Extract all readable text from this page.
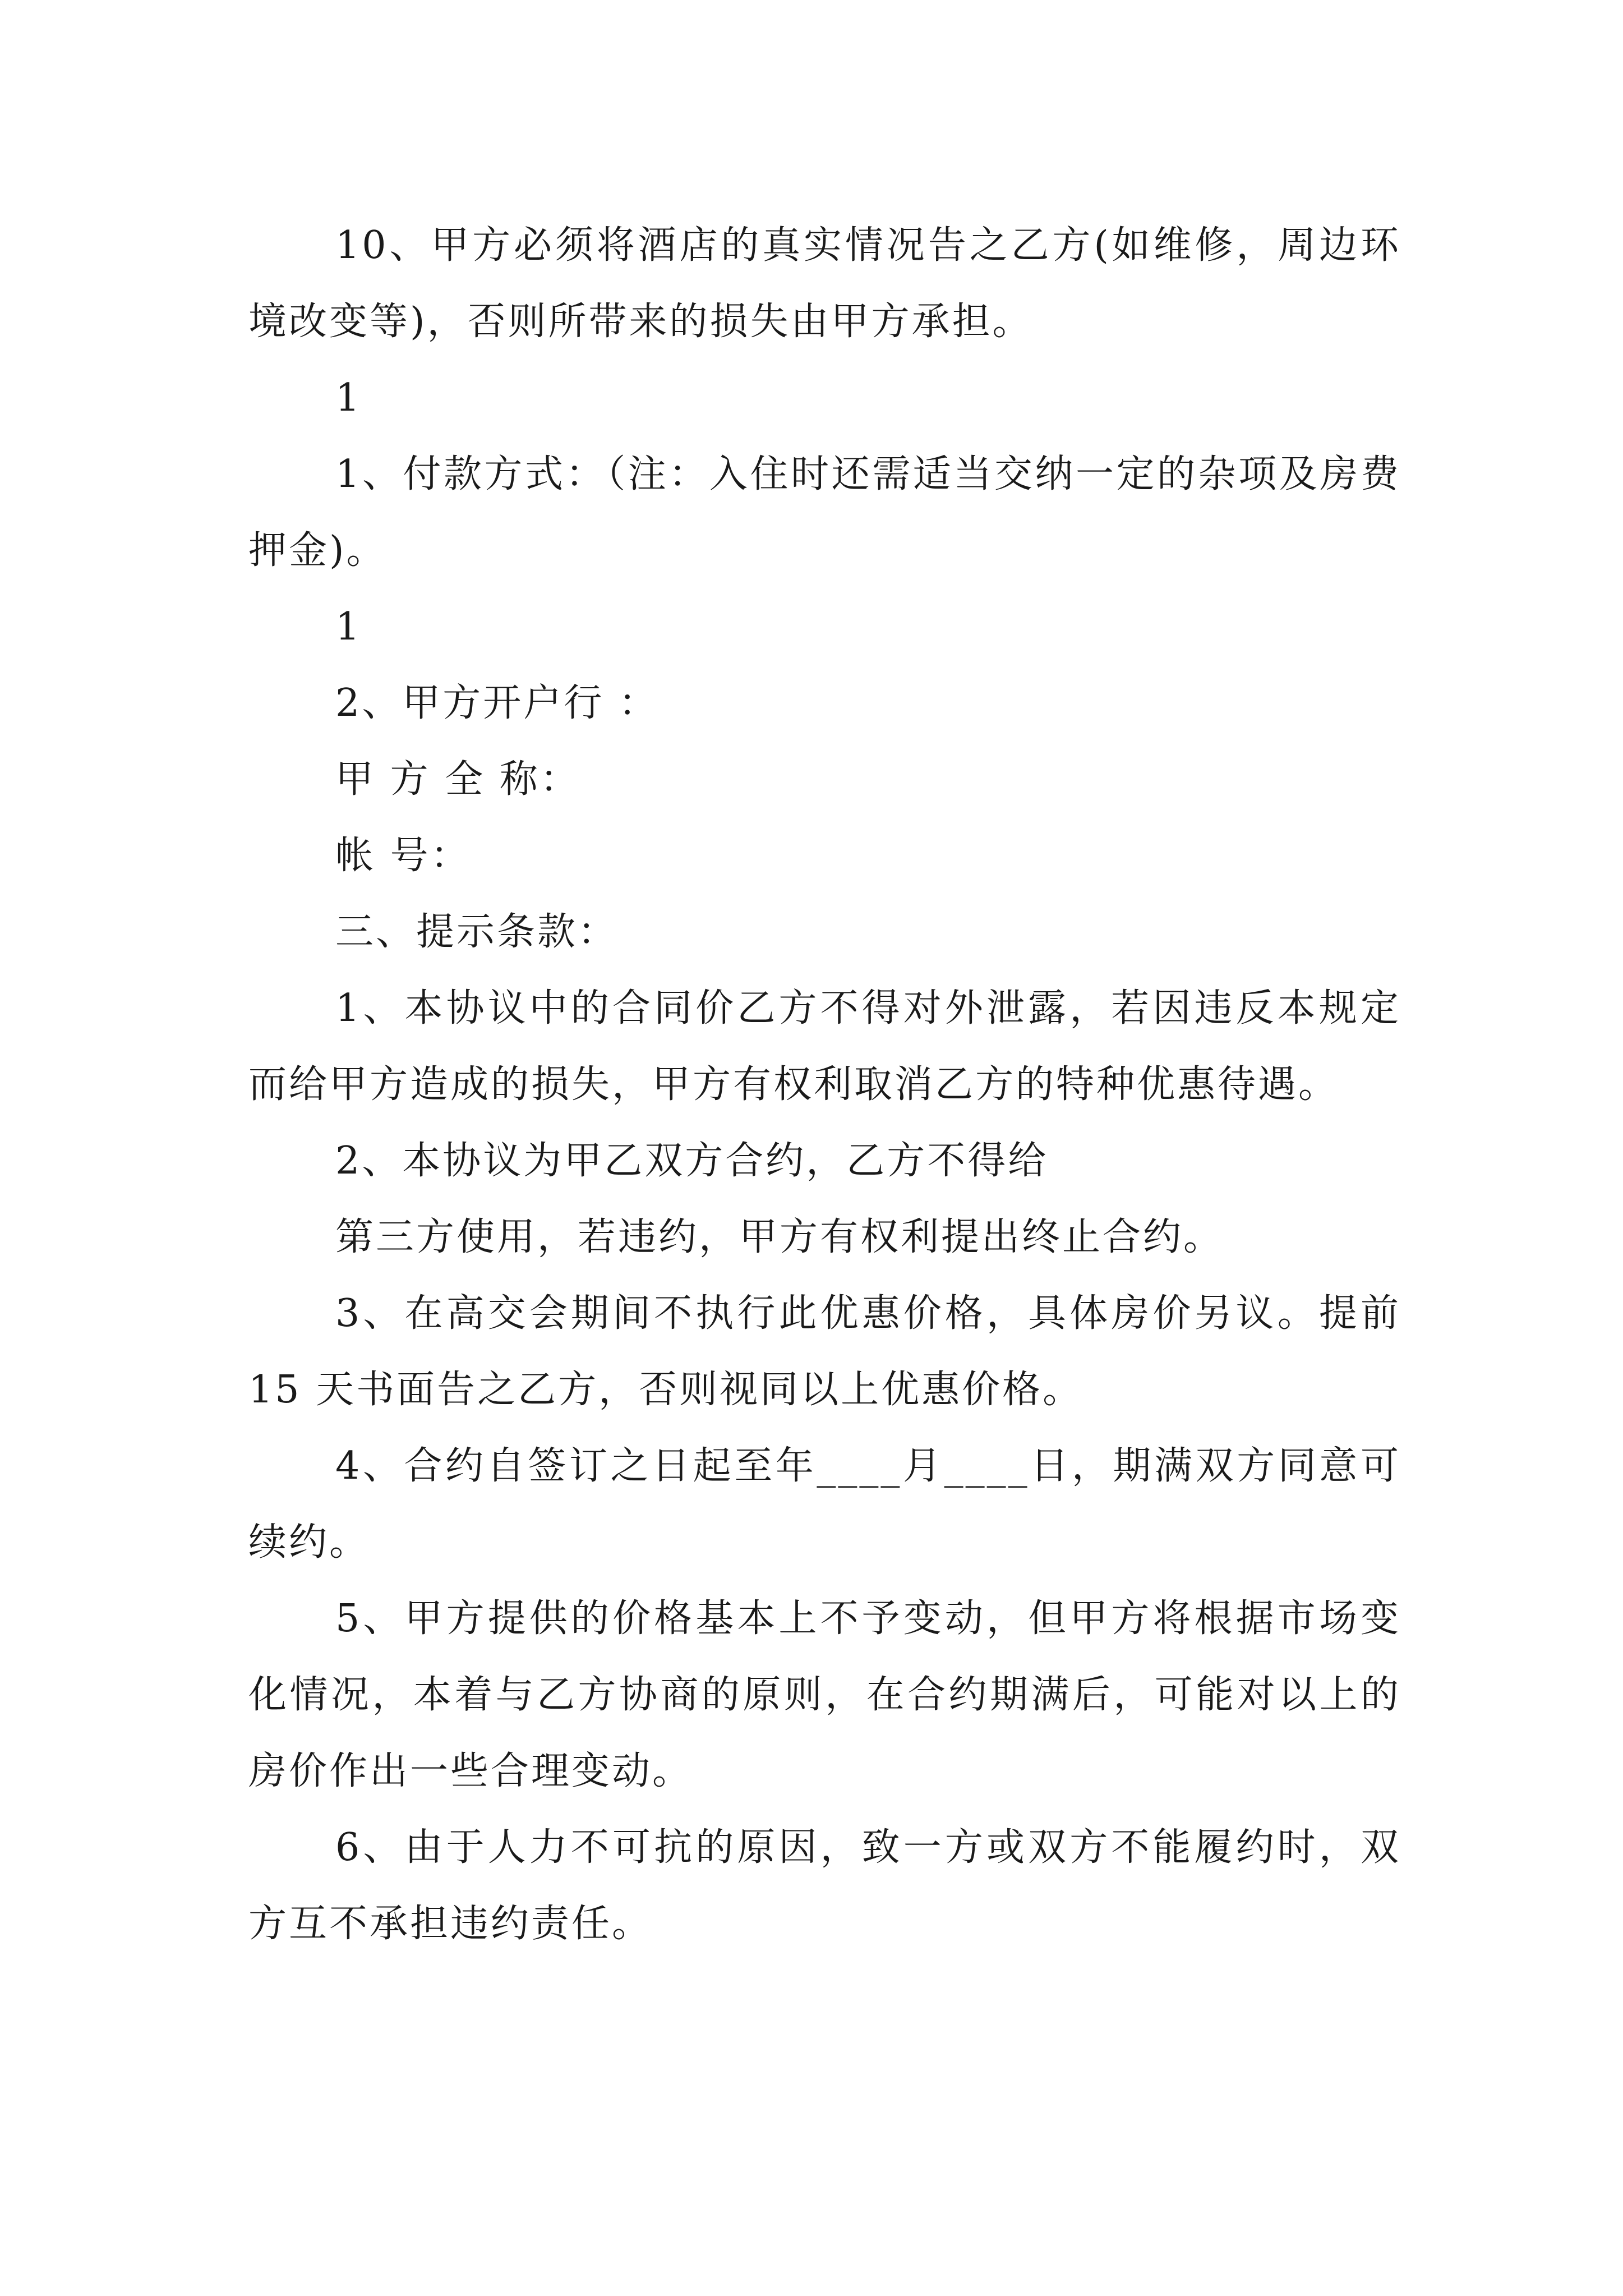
10、甲方必须将酒店的真实情况告之乙方(如维修，周边环境改变等)，否则所带来的损失由甲方承担。

1

1、付款方式：（注：入住时还需适当交纳一定的杂项及房费押金)。

1

2、甲方开户行 ：

甲 方 全 称：

帐 号：

三、提示条款：

1、本协议中的合同价乙方不得对外泄露，若因违反本规定而给甲方造成的损失，甲方有权利取消乙方的特种优惠待遇。

2、本协议为甲乙双方合约，乙方不得给

第三方使用，若违约，甲方有权利提出终止合约。

3、在高交会期间不执行此优惠价格，具体房价另议。提前 15 天书面告之乙方，否则视同以上优惠价格。

4、合约自签订之日起至年____月____日，期满双方同意可续约。

5、甲方提供的价格基本上不予变动，但甲方将根据市场变化情况，本着与乙方协商的原则，在合约期满后，可能对以上的房价作出一些合理变动。

6、由于人力不可抗的原因，致一方或双方不能履约时，双方互不承担违约责任。
